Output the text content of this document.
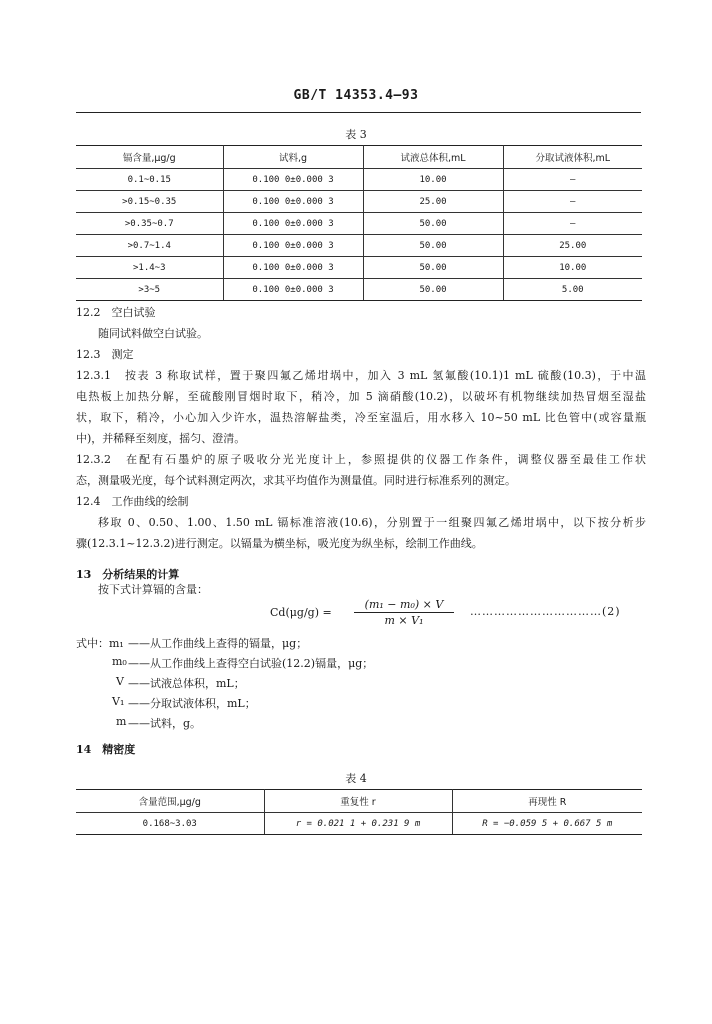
GB/T 14353.4—93
表 3
镉含量,μg/g	试料,g	试液总体积,mL	分取试液体积,mL
0.1~0.15	0.100 0±0.000 3	10.00	—
>0.15~0.35	0.100 0±0.000 3	25.00	—
>0.35~0.7	0.100 0±0.000 3	50.00	—
>0.7~1.4	0.100 0±0.000 3	50.00	25.00
>1.4~3	0.100 0±0.000 3	50.00	10.00
>3~5	0.100 0±0.000 3	50.00	5.00
12.2　空白试验
随同试料做空白试验。
12.3　测定
12.3.1　按表 3 称取试样，置于聚四氟乙烯坩埚中，加入 3 mL 氢氟酸(10.1)1 mL 硫酸(10.3)，于中温
电热板上加热分解，至硫酸刚冒烟时取下，稍冷，加 5 滴硝酸(10.2)，以破坏有机物继续加热冒烟至湿盐
状，取下，稍冷，小心加入少许水，温热溶解盐类，冷至室温后，用水移入 10~50 mL 比色管中(或容量瓶
中)，并稀释至刻度，摇匀、澄清。
12.3.2　在配有石墨炉的原子吸收分光光度计上，参照提供的仪器工作条件，调整仪器至最佳工作状
态，测量吸光度，每个试料测定两次，求其平均值作为测量值。同时进行标准系列的测定。
12.4　工作曲线的绘制
移取 0、0.50、1.00、1.50 mL 镉标准溶液(10.6)，分别置于一组聚四氟乙烯坩埚中，以下按分析步
骤(12.3.1~12.3.2)进行测定。以镉量为横坐标，吸光度为纵坐标，绘制工作曲线。
13　分析结果的计算
按下式计算镉的含量：
Cd(μg/g) =
(m₁ − m₀) × V
m × V₁
……………………………(2)
式中：m₁ ——从工作曲线上查得的镉量，μg；
m₀ ——从工作曲线上查得空白试验(12.2)镉量，μg；
V ——试液总体积，mL；
V₁ ——分取试液体积，mL；
m ——试料，g。
14　精密度
表 4
含量范围,μg/g	重复性 r	再现性 R
0.168~3.03	r = 0.021 1 + 0.231 9 m	R = −0.059 5 + 0.667 5 m
